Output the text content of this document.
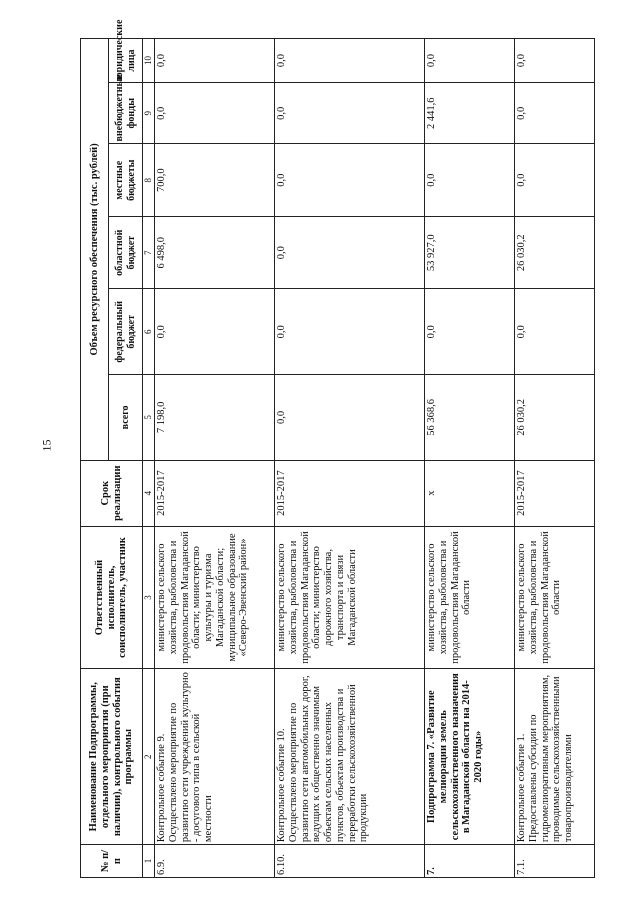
15
№ п/п	Наименование Подпрограммы, отдельного мероприятия (при наличии), контрольного события программы	Ответственный исполнитель, соисполнитель, участник	Срок реализации	Объем ресурсного обеспечения (тыс. рублей)					
				всего	федеральный бюджет	областной бюджет	местные бюджеты	внебюджетные фонды	юридические лица
1	2	3	4	5	6	7	8	9	10
6.9.	Контрольное событие 9. Осуществлено мероприятие по развитию сети учреждений культурно - досугового типа в сельской местности	министерство сельского хозяйства, рыболовства и продовольствия Магаданской области; министерство культуры и туризма Магаданской области; муниципальное образование «Северо-Эвенский район»	2015-2017	7 198,0	0,0	6 498,0	700,0	0,0	0,0
6.10.	Контрольное событие 10. Осуществлено мероприятие по развитию сети автомобильных дорог, ведущих к общественно значимым объектам сельских населенных пунктов, объектам производства и переработки сельскохозяйственной продукции	министерство сельского хозяйства, рыболовства и продовольствия Магаданской области; министерство дорожного хозяйства, транспорта и связи Магаданской области	2015-2017	0,0	0,0	0,0	0,0	0,0	0,0
7.	Подпрограмма 7. «Развитие мелиорации земель сельскохозяйственного назначения в Магаданской области на 2014-2020 годы»	министерство сельского хозяйства, рыболовства и продовольствия Магаданской области	х	56 368,6	0,0	53 927,0	0,0	2 441,6	0,0
7.1.	Контрольное событие 1. Предоставлены субсидии по гидромелиоративным мероприятиям, проводимые сельскохозяйственными товаропроизводителями	министерство сельского хозяйства, рыболовства и продовольствия Магаданской области	2015-2017	26 030,2	0,0	26 030,2	0,0	0,0	0,0
